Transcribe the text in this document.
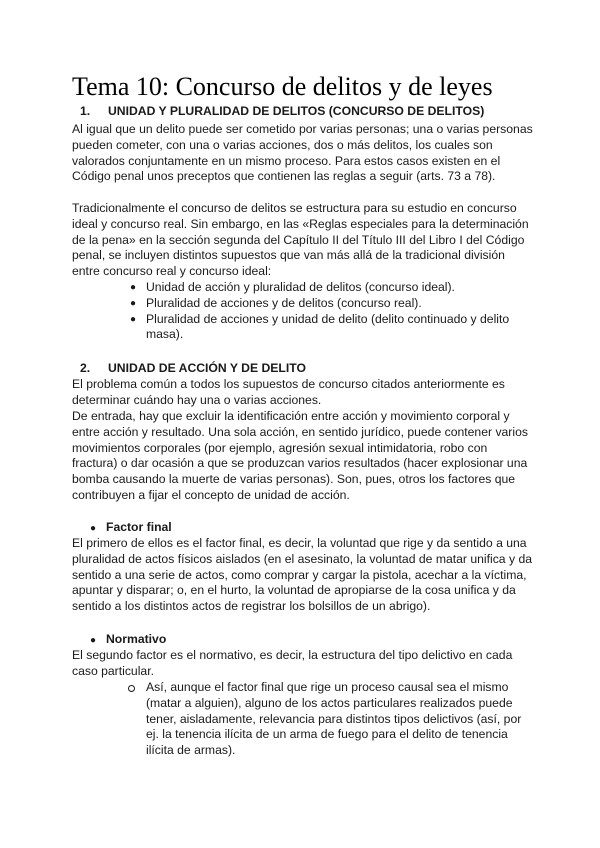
Tema 10: Concurso de delitos y de leyes
1. UNIDAD Y PLURALIDAD DE DELITOS (CONCURSO DE DELITOS)

Al igual que un delito puede ser cometido por varias personas; una o varias personas pueden cometer, con una o varias acciones, dos o más delitos, los cuales son valorados conjuntamente en un mismo proceso. Para estos casos existen en el Código penal unos preceptos que contienen las reglas a seguir (arts. 73 a 78).

Tradicionalmente el concurso de delitos se estructura para su estudio en concurso ideal y concurso real. Sin embargo, en las «Reglas especiales para la determinación de la pena» en la sección segunda del Capítulo II del Título III del Libro I del Código penal, se incluyen distintos supuestos que van más allá de la tradicional división entre concurso real y concurso ideal:

● Unidad de acción y pluralidad de delitos (concurso ideal).
● Pluralidad de acciones y de delitos (concurso real).
● Pluralidad de acciones y unidad de delito (delito continuado y delito masa).
2. UNIDAD DE ACCIÓN Y DE DELITO

El problema común a todos los supuestos de concurso citados anteriormente es determinar cuándo hay una o varias acciones.

De entrada, hay que excluir la identificación entre acción y movimiento corporal y entre acción y resultado. Una sola acción, en sentido jurídico, puede contener varios movimientos corporales (por ejemplo, agresión sexual intimidatoria, robo con fractura) o dar ocasión a que se produzcan varios resultados (hacer explosionar una bomba causando la muerte de varias personas). Son, pues, otros los factores que contribuyen a fijar el concepto de unidad de acción.

● Factor final

El primero de ellos es el factor final, es decir, la voluntad que rige y da sentido a una pluralidad de actos físicos aislados (en el asesinato, la voluntad de matar unifica y da sentido a una serie de actos, como comprar y cargar la pistola, acechar a la víctima, apuntar y disparar; o, en el hurto, la voluntad de apropiarse de la cosa unifica y da sentido a los distintos actos de registrar los bolsillos de un abrigo).

● Normativo

El segundo factor es el normativo, es decir, la estructura del tipo delictivo en cada caso particular.

Así, aunque el factor final que rige un proceso causal sea el mismo (matar a alguien), alguno de los actos particulares realizados puede tener, aisladamente, relevancia para distintos tipos delictivos (así, por ej. la tenencia ilícita de un arma de fuego para el delito de tenencia ilícita de armas).
